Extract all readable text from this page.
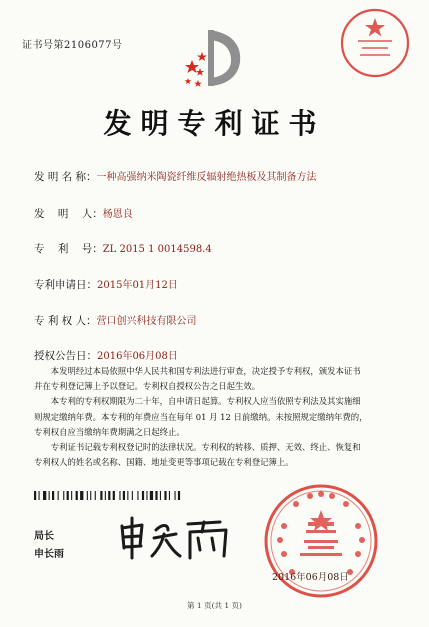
证书号第2106077号
发明专利证书
发 明 名 称：一种高强纳米陶瓷纤维反辐射绝热板及其制备方法
发    明    人：杨恩良
专    利    号：ZL 2015 1 0014598.4
专利申请日：2015年01月12日
专 利 权 人：营口创兴科技有限公司
授权公告日：2016年06月08日

本发明经过本局依照中华人民共和国专利法进行审查，决定授予专利权，颁发本证书

并在专利登记簿上予以登记。专利权自授权公告之日起生效。

本专利的专利权期限为二十年，自申请日起算。专利权人应当依照专利法及其实施细

则规定缴纳年费。本专利的年费应当在每年 01 月 12 日前缴纳。未按照规定缴纳年费的，

专利权自应当缴纳年费期满之日起终止。

专利证书记载专利权登记时的法律状况。专利权的转移、质押、无效、终止、恢复和

专利权人的姓名或名称、国籍、地址变更等事项记载在专利登记簿上。

局长
申长雨
2016年06月08日
第 1 页(共 1 页)
